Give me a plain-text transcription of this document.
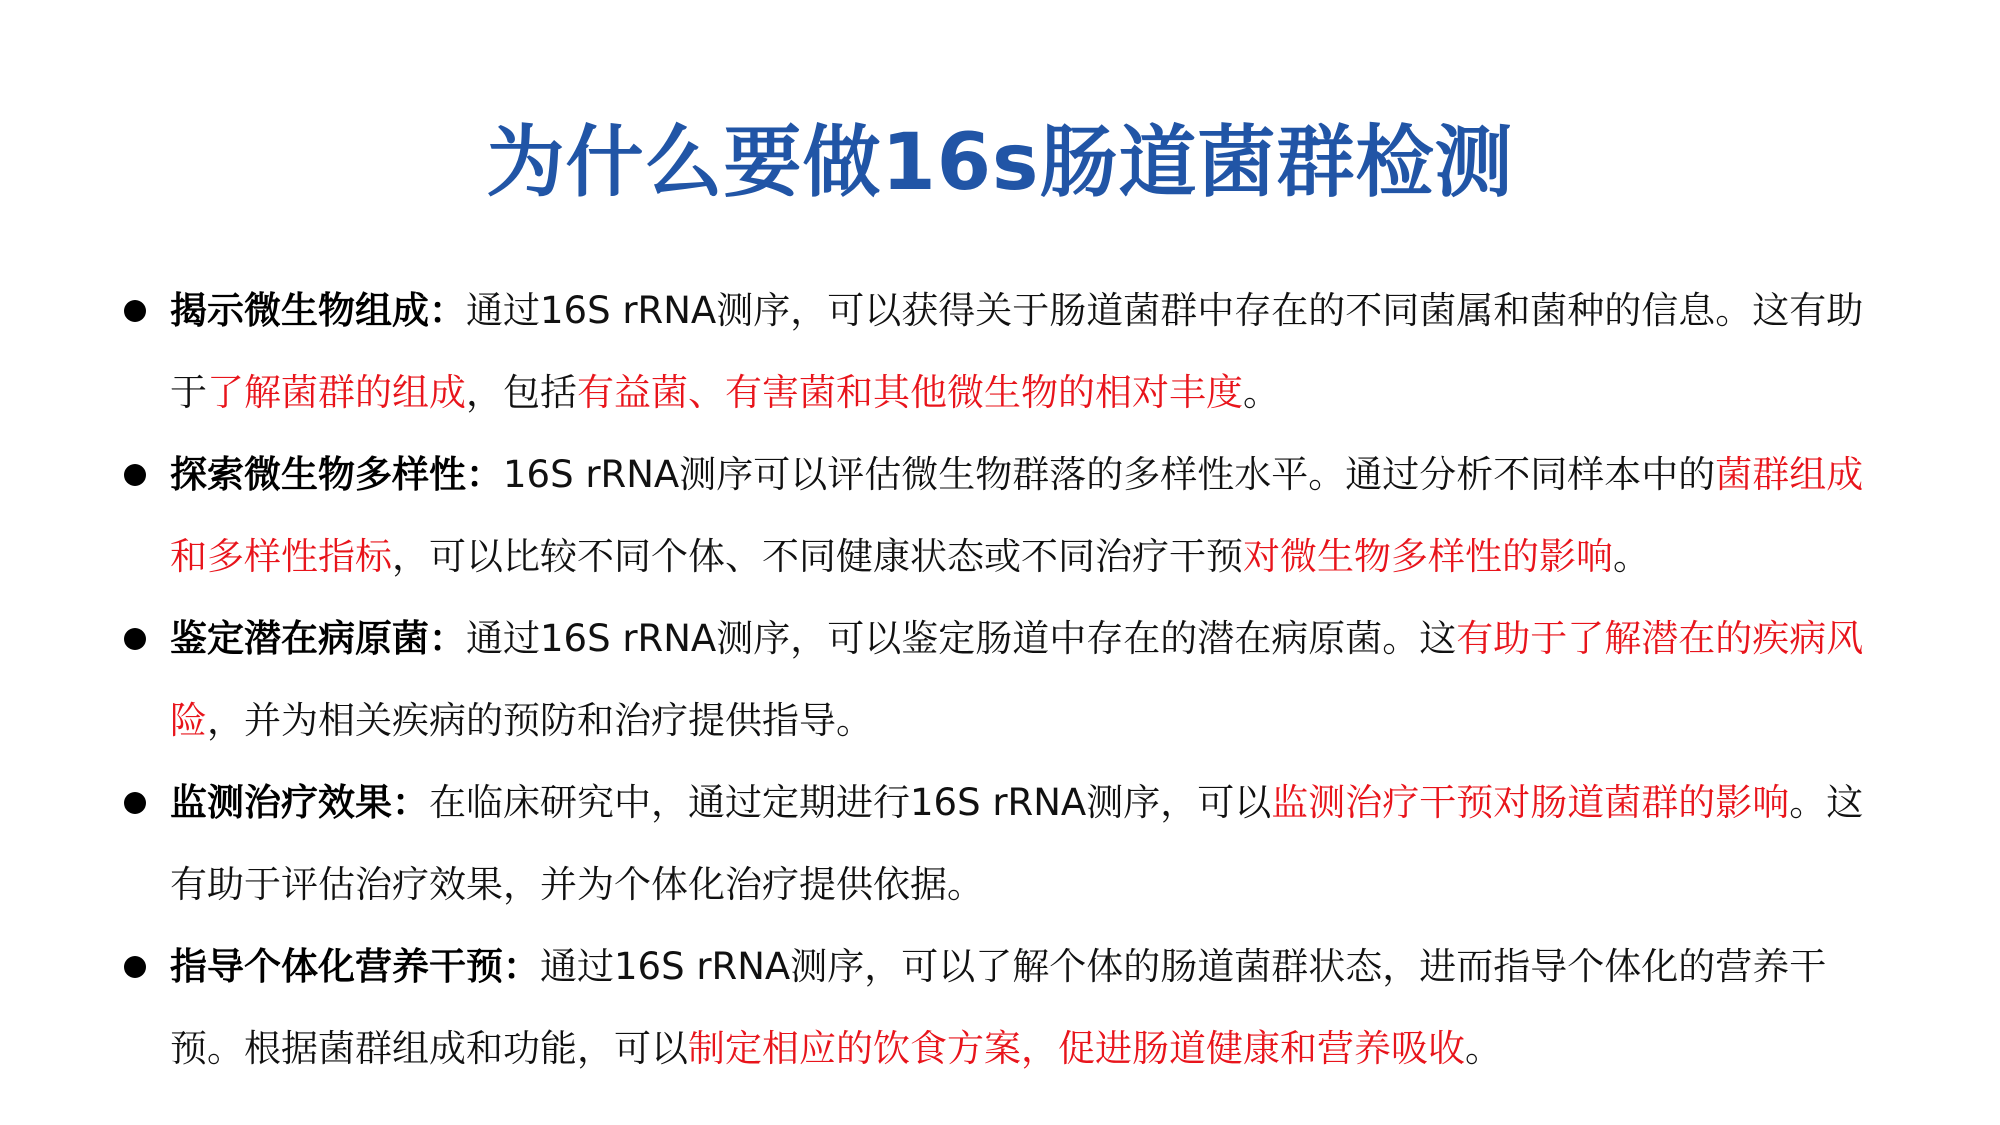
为什么要做16s肠道菌群检测
揭示微生物组成：通过16S rRNA测序，可以获得关于肠道菌群中存在的不同菌属和菌种的信息。这有助于了解菌群的组成，包括有益菌、有害菌和其他微生物的相对丰度。
探索微生物多样性：16S rRNA测序可以评估微生物群落的多样性水平。通过分析不同样本中的菌群组成和多样性指标，可以比较不同个体、不同健康状态或不同治疗干预对微生物多样性的影响。
鉴定潜在病原菌：通过16S rRNA测序，可以鉴定肠道中存在的潜在病原菌。这有助于了解潜在的疾病风险，并为相关疾病的预防和治疗提供指导。
监测治疗效果：在临床研究中，通过定期进行16S rRNA测序，可以监测治疗干预对肠道菌群的影响。这有助于评估治疗效果，并为个体化治疗提供依据。
指导个体化营养干预：通过16S rRNA测序，可以了解个体的肠道菌群状态，进而指导个体化的营养干预。根据菌群组成和功能，可以制定相应的饮食方案，促进肠道健康和营养吸收。
